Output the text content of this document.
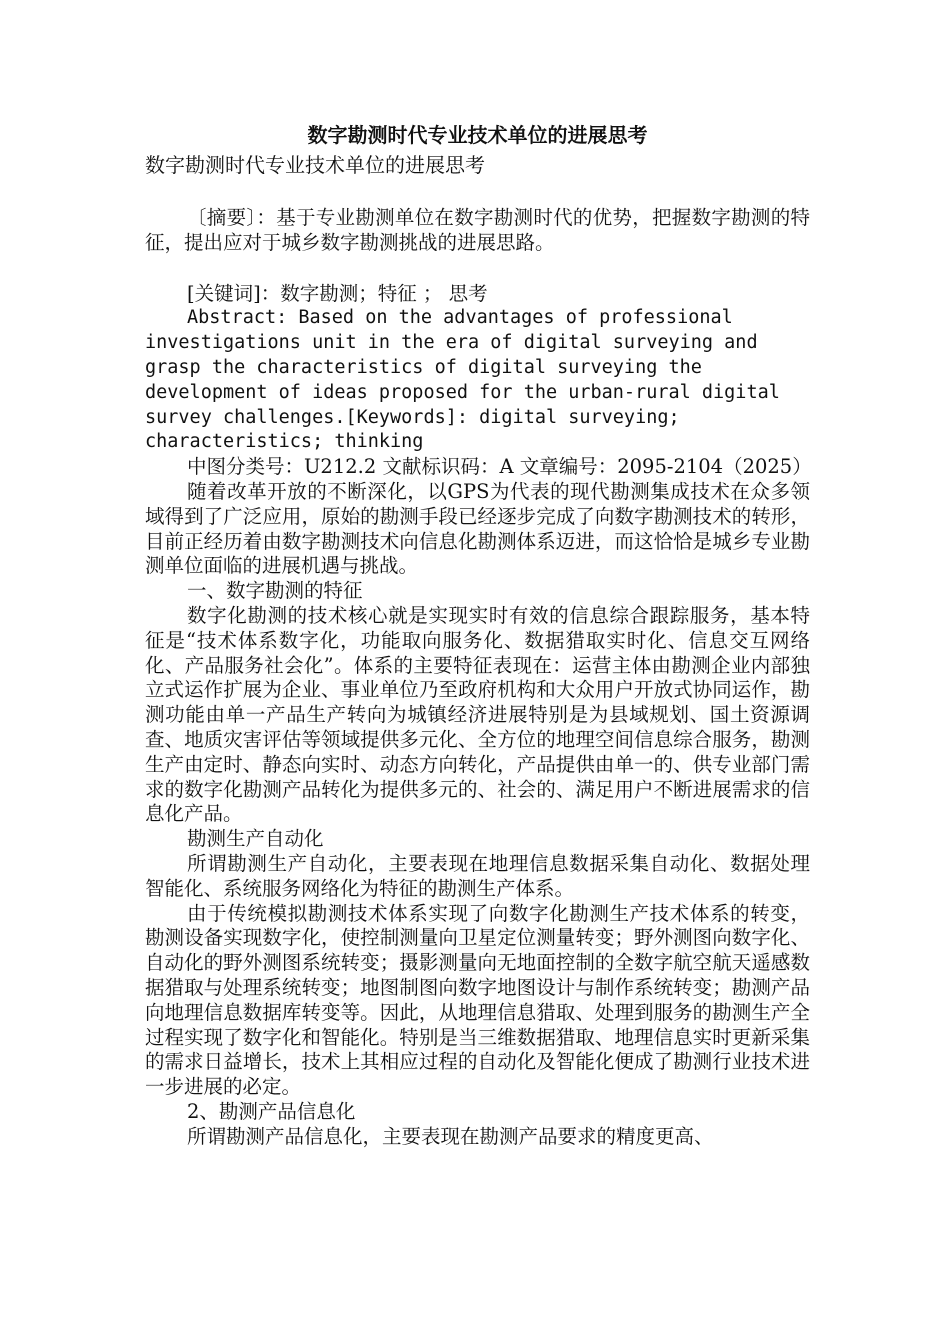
数字勘测时代专业技术单位的进展思考
数字勘测时代专业技术单位的进展思考

〔摘要〕：基于专业勘测单位在数字勘测时代的优势，把握数字勘测的特征，提出应对于城乡数字勘测挑战的进展思路。

[关键词]：数字勘测；特征 ； 思考

Abstract: Based on the advantages of professional investigations unit in the era of digital surveying and grasp the characteristics of digital surveying the development of ideas proposed for the urban-rural digital survey challenges.[Keywords]: digital surveying; characteristics; thinking

中图分类号：U212.2 文献标识码：A 文章编号：2095-2104（2025）

随着改革开放的不断深化，以GPS为代表的现代勘测集成技术在众多领域得到了广泛应用，原始的勘测手段已经逐步完成了向数字勘测技术的转形，目前正经历着由数字勘测技术向信息化勘测体系迈进，而这恰恰是城乡专业勘测单位面临的进展机遇与挑战。

一、数字勘测的特征

数字化勘测的技术核心就是实现实时有效的信息综合跟踪服务，基本特征是“技术体系数字化，功能取向服务化、数据猎取实时化、信息交互网络化、产品服务社会化”。体系的主要特征表现在：运营主体由勘测企业内部独立式运作扩展为企业、事业单位乃至政府机构和大众用户开放式协同运作，勘测功能由单一产品生产转向为城镇经济进展特别是为县域规划、国土资源调查、地质灾害评估等领域提供多元化、全方位的地理空间信息综合服务，勘测生产由定时、静态向实时、动态方向转化，产品提供由单一的、供专业部门需求的数字化勘测产品转化为提供多元的、社会的、满足用户不断进展需求的信息化产品。

勘测生产自动化

所谓勘测生产自动化，主要表现在地理信息数据采集自动化、数据处理智能化、系统服务网络化为特征的勘测生产体系。

由于传统模拟勘测技术体系实现了向数字化勘测生产技术体系的转变，勘测设备实现数字化，使控制测量向卫星定位测量转变；野外测图向数字化、自动化的野外测图系统转变；摄影测量向无地面控制的全数字航空航天遥感数据猎取与处理系统转变；地图制图向数字地图设计与制作系统转变；勘测产品向地理信息数据库转变等。因此，从地理信息猎取、处理到服务的勘测生产全过程实现了数字化和智能化。特别是当三维数据猎取、地理信息实时更新采集的需求日益增长，技术上其相应过程的自动化及智能化便成了勘测行业技术进一步进展的必定。

2、勘测产品信息化

所谓勘测产品信息化，主要表现在勘测产品要求的精度更高、
